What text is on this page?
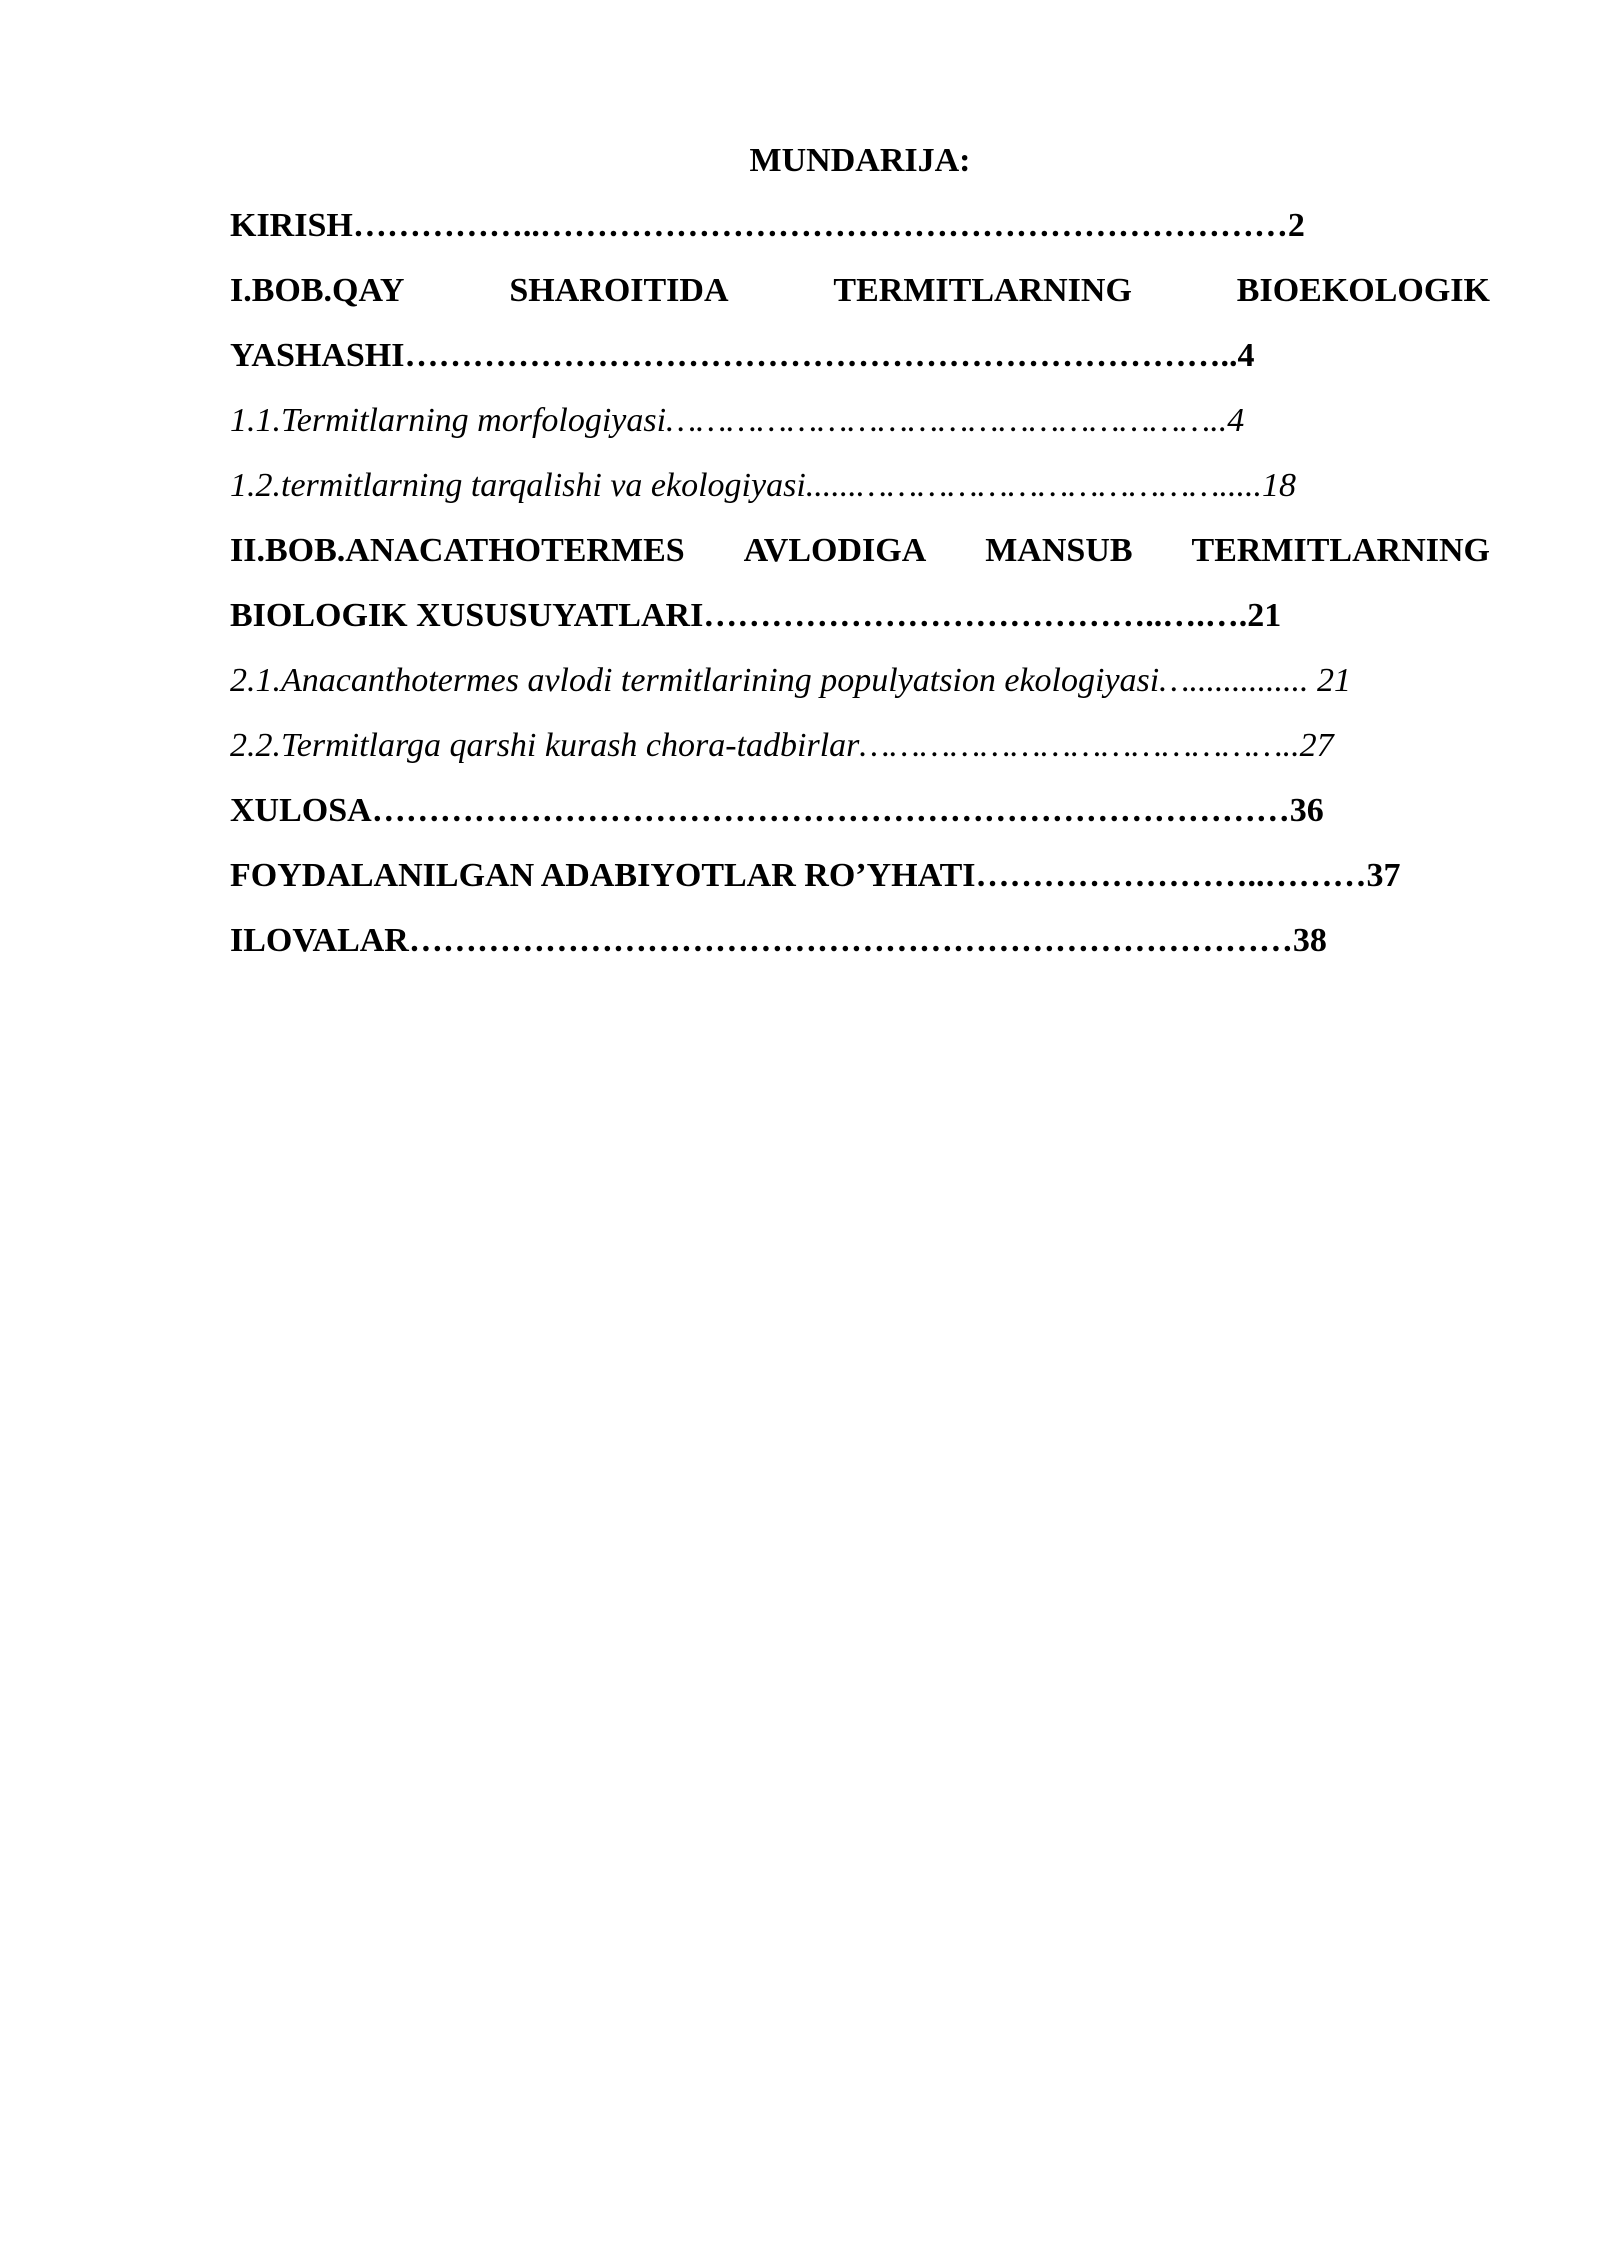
MUNDARIJA:
KIRISH……………..…………………………………………………………2
I.BOB.QAY	SHAROITIDA	TERMITLARNING	BIOEKOLOGIK
YASHASHI………………………………………………………………..4
1.1.Termitlarning morfologiyasi………………………………………………..4
1.2.termitlarning tarqalishi va ekologiyasi......……………………………….....18
II.BOB.ANACATHOTERMES AVLODIGA MANSUB TERMITLARNING
BIOLOGIK XUSUSUYATLARI…………………………………..….….21
2.1.Anacanthotermes avlodi termitlarining populyatsion ekologiyasi….............. 21
2.2.Termitlarga qarshi kurash chora-tadbirlar……………………………………..27
XULOSA………………………………………………………………………36
FOYDALANILGAN ADABIYOTLAR RO’YHATI……………………..………37
ILOVALAR……………………………………………………………………38
